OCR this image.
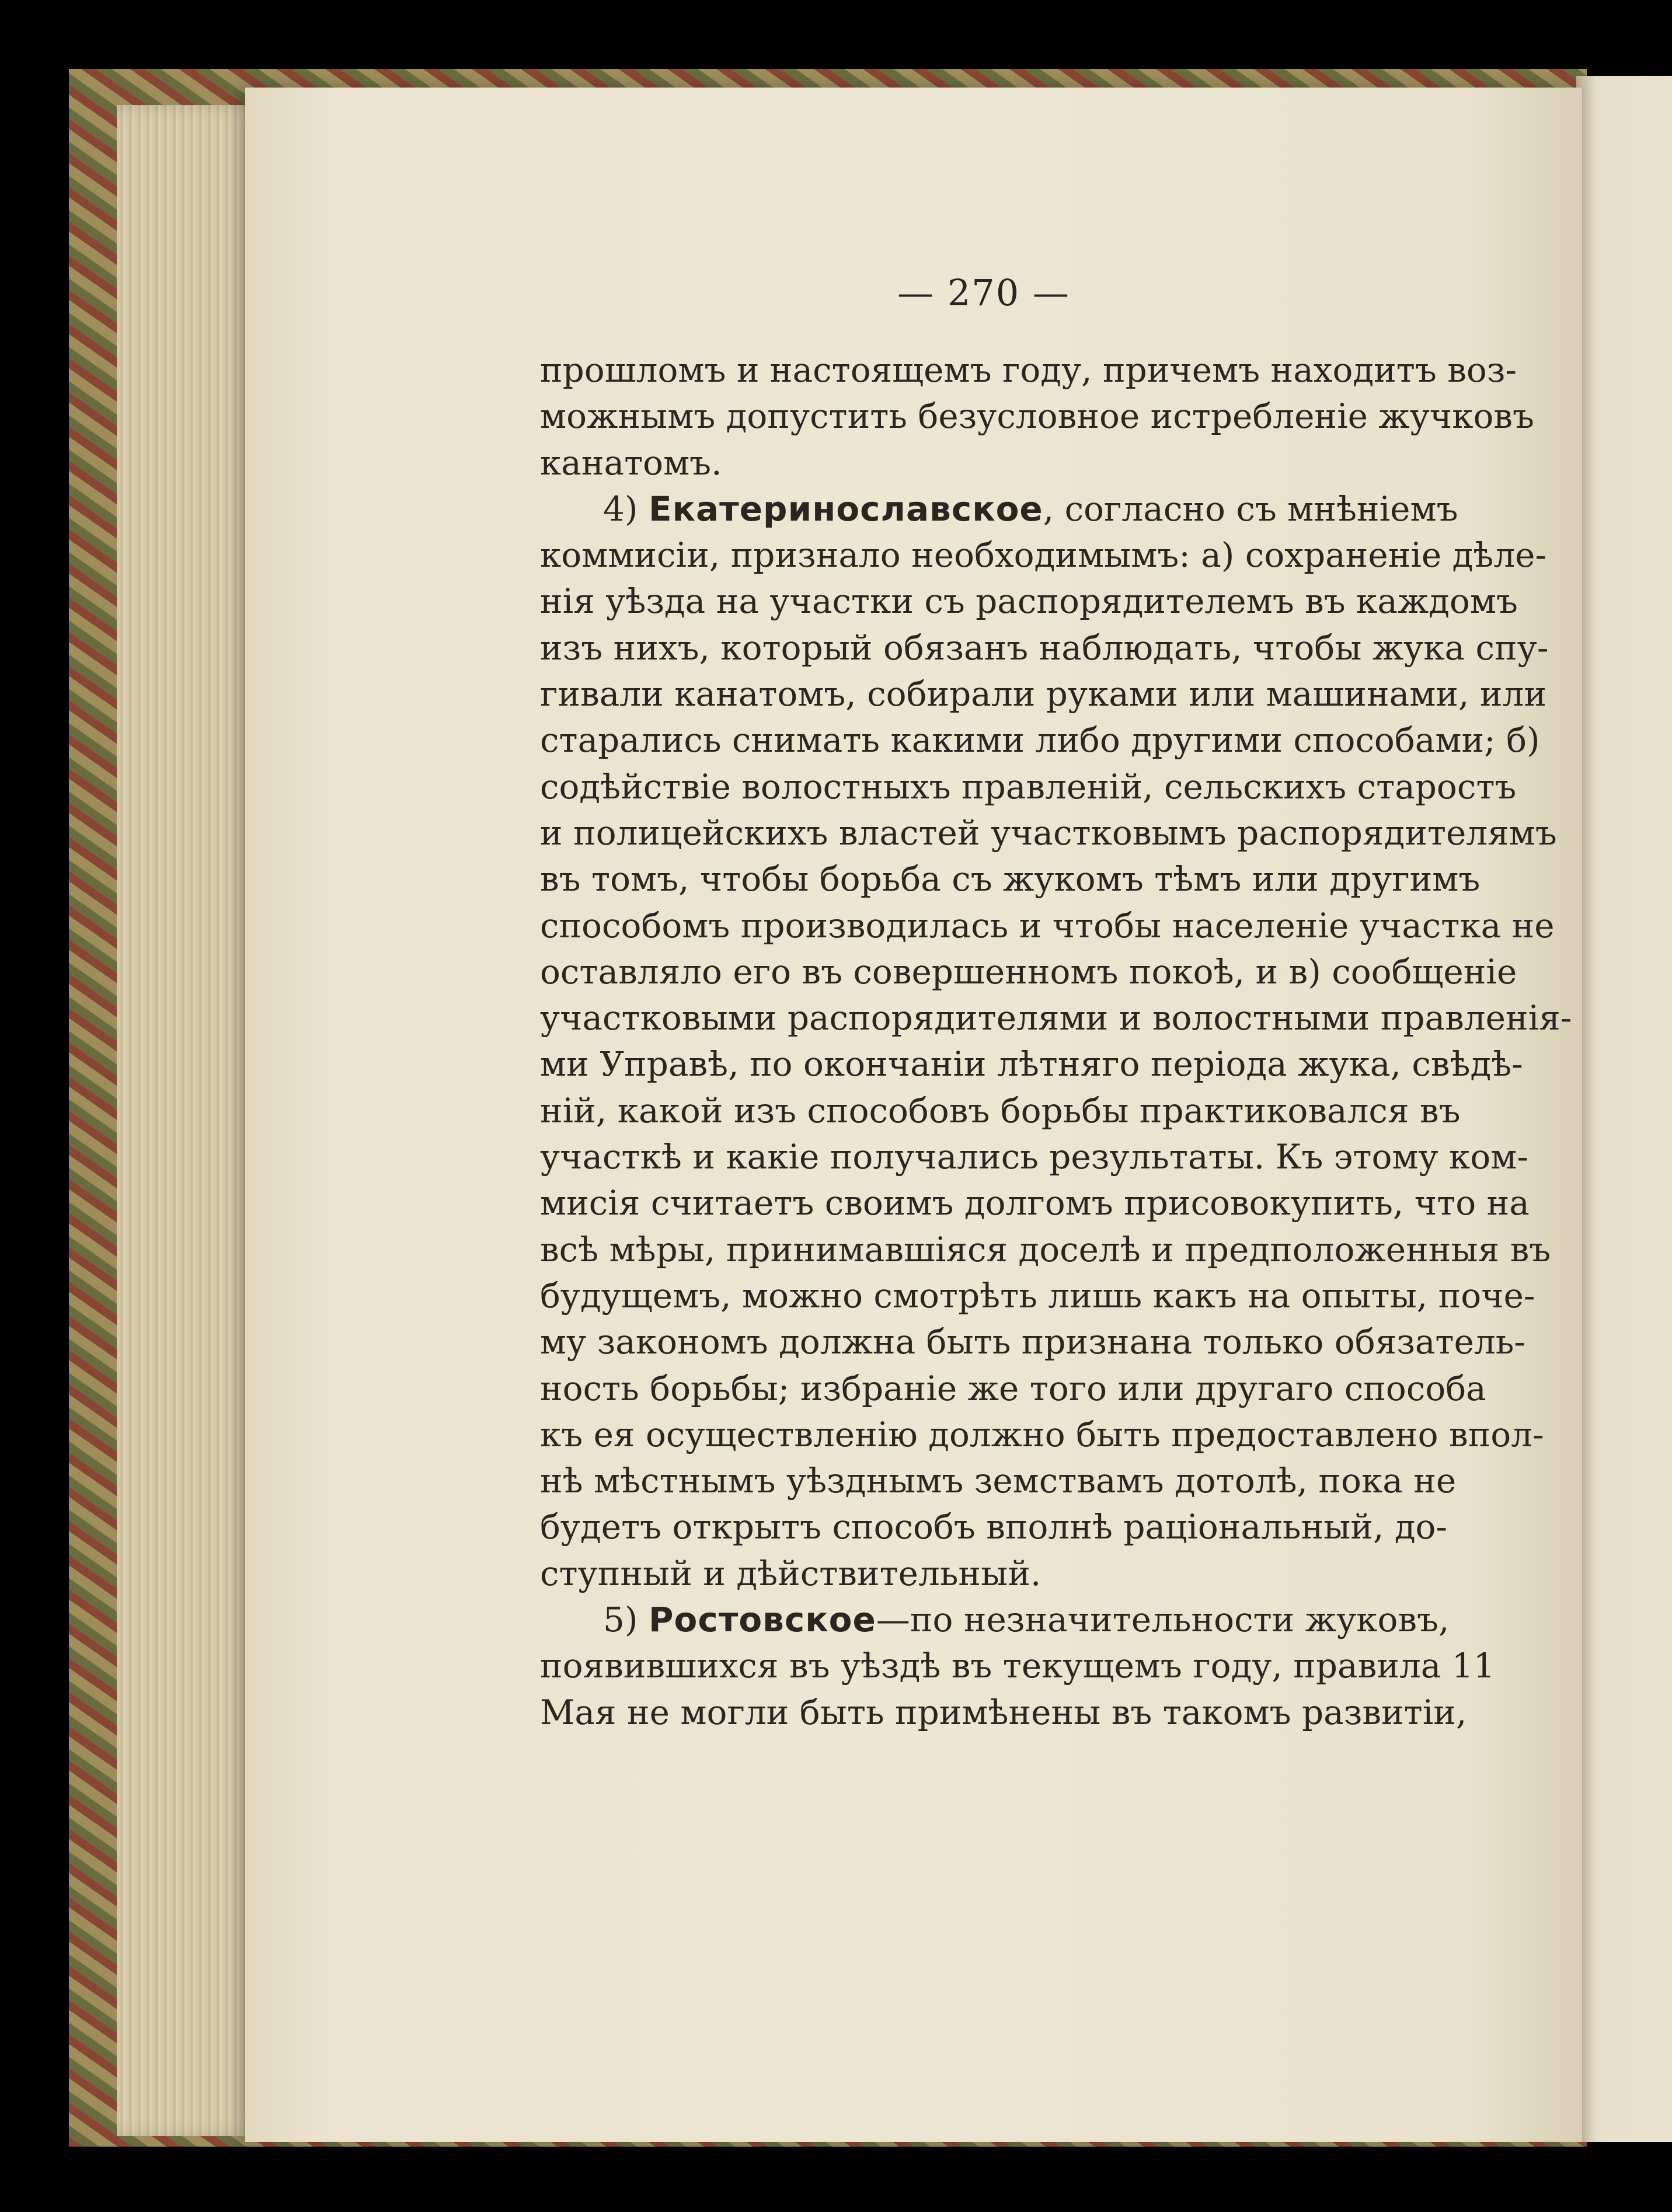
— 270 —
прошломъ и настоящемъ году, причемъ находитъ воз-
можнымъ допустить безусловное истребленіе жучковъ
канатомъ.
4) Екатеринославское, согласно съ мнѣніемъ
коммисіи, признало необходимымъ: а) сохраненіе дѣле-
нія уѣзда на участки съ распорядителемъ въ каждомъ
изъ нихъ, который обязанъ наблюдать, чтобы жука спу-
гивали канатомъ, собирали руками или машинами, или
старались снимать какими либо другими способами; б)
содѣйствіе волостныхъ правленій, сельскихъ старостъ
и полицейскихъ властей участковымъ распорядителямъ
въ томъ, чтобы борьба съ жукомъ тѣмъ или другимъ
способомъ производилась и чтобы населеніе участка не
оставляло его въ совершенномъ покоѣ, и в) сообщеніе
участковыми распорядителями и волостными правленія-
ми Управѣ, по окончаніи лѣтняго періода жука, свѣдѣ-
ній, какой изъ способовъ борьбы практиковался въ
участкѣ и какіе получались результаты. Къ этому ком-
мисія считаетъ своимъ долгомъ присовокупить, что на
всѣ мѣры, принимавшіяся доселѣ и предположенныя въ
будущемъ, можно смотрѣть лишь какъ на опыты, поче-
му закономъ должна быть признана только обязатель-
ность борьбы; избраніе же того или другаго способа
къ ея осуществленію должно быть предоставлено впол-
нѣ мѣстнымъ уѣзднымъ земствамъ дотолѣ, пока не
будетъ открытъ способъ вполнѣ раціональный, до-
ступный и дѣйствительный.
5) Ростовское—по незначительности жуковъ,
появившихся въ уѣздѣ въ текущемъ году, правила 11
Мая не могли быть примѣнены въ такомъ развитіи,
